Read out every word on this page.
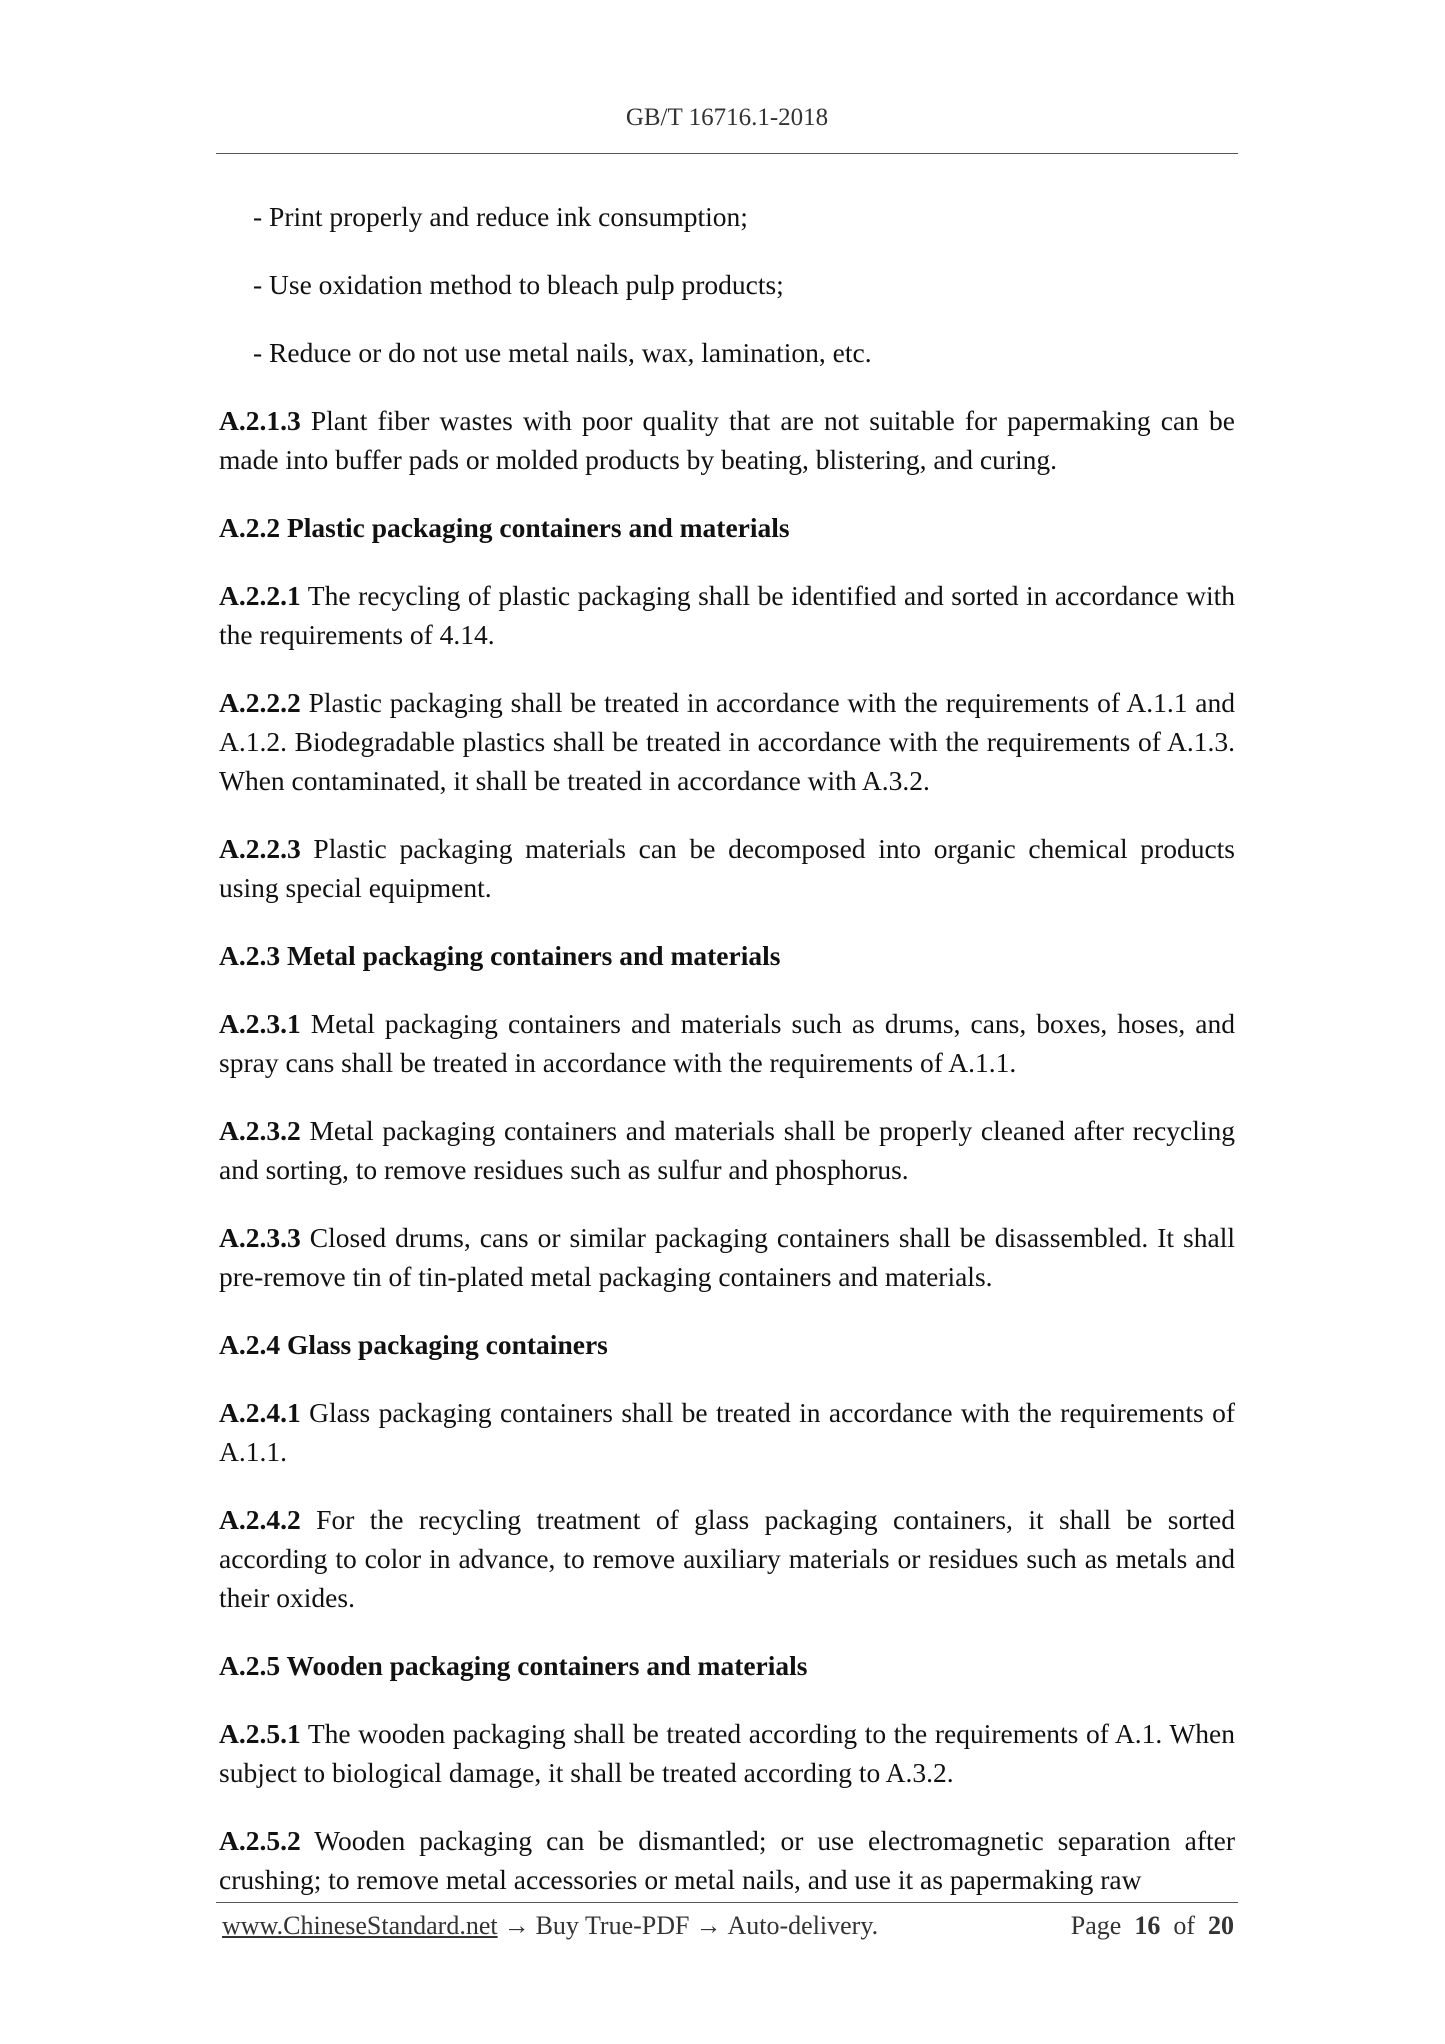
GB/T 16716.1-2018

- Print properly and reduce ink consumption;

- Use oxidation method to bleach pulp products;

- Reduce or do not use metal nails, wax, lamination, etc.

A.2.1.3 Plant fiber wastes with poor quality that are not suitable for papermaking can be made into buffer pads or molded products by beating, blistering, and curing.

A.2.2 Plastic packaging containers and materials

A.2.2.1 The recycling of plastic packaging shall be identified and sorted in accordance with the requirements of 4.14.

A.2.2.2 Plastic packaging shall be treated in accordance with the requirements of A.1.1 and A.1.2. Biodegradable plastics shall be treated in accordance with the requirements of A.1.3. When contaminated, it shall be treated in accordance with A.3.2.

A.2.2.3 Plastic packaging materials can be decomposed into organic chemical products using special equipment.

A.2.3 Metal packaging containers and materials

A.2.3.1 Metal packaging containers and materials such as drums, cans, boxes, hoses, and spray cans shall be treated in accordance with the requirements of A.1.1.

A.2.3.2 Metal packaging containers and materials shall be properly cleaned after recycling and sorting, to remove residues such as sulfur and phosphorus.

A.2.3.3 Closed drums, cans or similar packaging containers shall be disassembled. It shall pre-remove tin of tin-plated metal packaging containers and materials.

A.2.4 Glass packaging containers

A.2.4.1 Glass packaging containers shall be treated in accordance with the requirements of A.1.1.

A.2.4.2 For the recycling treatment of glass packaging containers, it shall be sorted according to color in advance, to remove auxiliary materials or residues such as metals and their oxides.

A.2.5 Wooden packaging containers and materials

A.2.5.1 The wooden packaging shall be treated according to the requirements of A.1. When subject to biological damage, it shall be treated according to A.3.2.

A.2.5.2 Wooden packaging can be dismantled; or use electromagnetic separation after crushing; to remove metal accessories or metal nails, and use it as papermaking raw

www.ChineseStandard.net → Buy True-PDF → Auto-delivery.	Page 16 of 20
